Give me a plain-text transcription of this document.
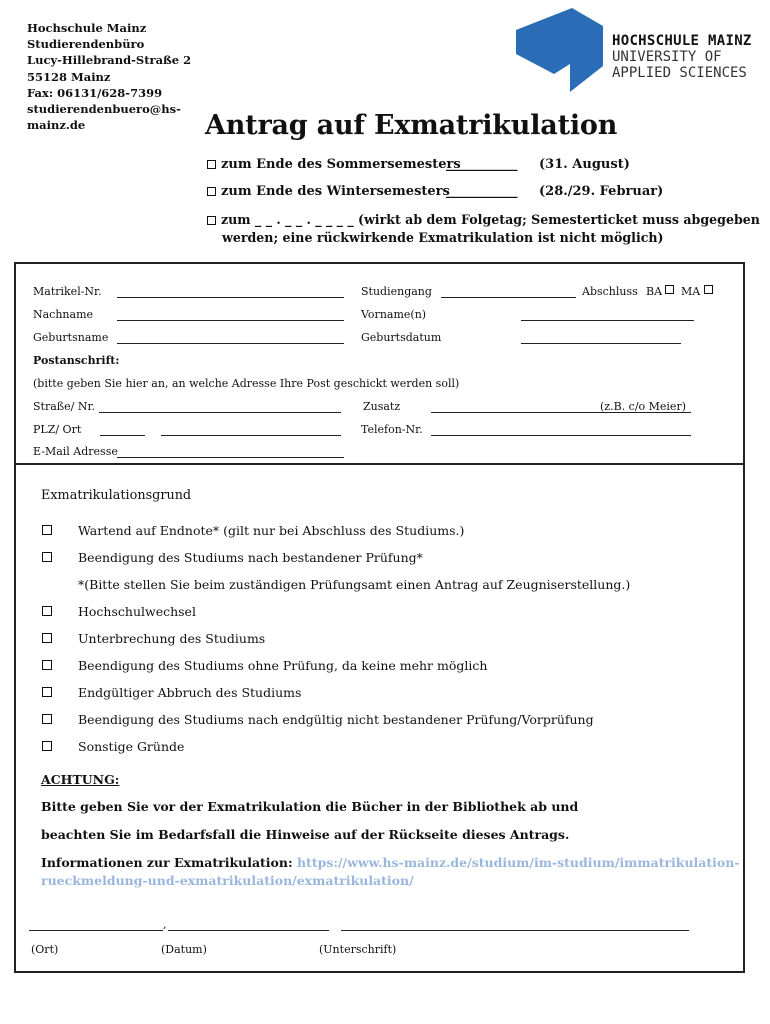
Hochschule Mainz
Studierendenbüro
Lucy-Hillebrand-Straße 2
55128 Mainz
Fax: 06131/628-7399
studierendenbuero@hs-
mainz.de
HOCHSCHULE MAINZ
UNIVERSITY OF
APPLIED SCIENCES
Antrag auf Exmatrikulation
zum Ende des Sommersemesters
___________ (31. August)
zum Ende des Wintersemesters
___________ (28./29. Februar)
zum _ _ . _ _ . _ _ _ _ (wirkt ab dem Folgetag; Semesterticket muss abgegeben
werden; eine rückwirkende Exmatrikulation ist nicht möglich)
Matrikel-Nr.	Studiengang	Abschluss BA MA
Nachname	Vorname(n)
Geburtsname	Geburtsdatum
Postanschrift:
(bitte geben Sie hier an, an welche Adresse Ihre Post geschickt werden soll)
Straße/ Nr.	Zusatz	(z.B. c/o Meier)
PLZ/ Ort	Telefon-Nr.
E-Mail Adresse
Exmatrikulationsgrund
Wartend auf Endnote* (gilt nur bei Abschluss des Studiums.)
Beendigung des Studiums nach bestandener Prüfung*
*(Bitte stellen Sie beim zuständigen Prüfungsamt einen Antrag auf Zeugniserstellung.)
Hochschulwechsel
Unterbrechung des Studiums
Beendigung des Studiums ohne Prüfung, da keine mehr möglich
Endgültiger Abbruch des Studiums
Beendigung des Studiums nach endgültig nicht bestandener Prüfung/Vorprüfung
Sonstige Gründe
ACHTUNG:
Bitte geben Sie vor der Exmatrikulation die Bücher in der Bibliothek ab und
beachten Sie im Bedarfsfall die Hinweise auf der Rückseite dieses Antrags.
Informationen zur Exmatrikulation: https://www.hs-mainz.de/studium/im-studium/immatrikulation-
rueckmeldung-und-exmatrikulation/exmatrikulation/
,
(Ort)	(Datum)	(Unterschrift)
